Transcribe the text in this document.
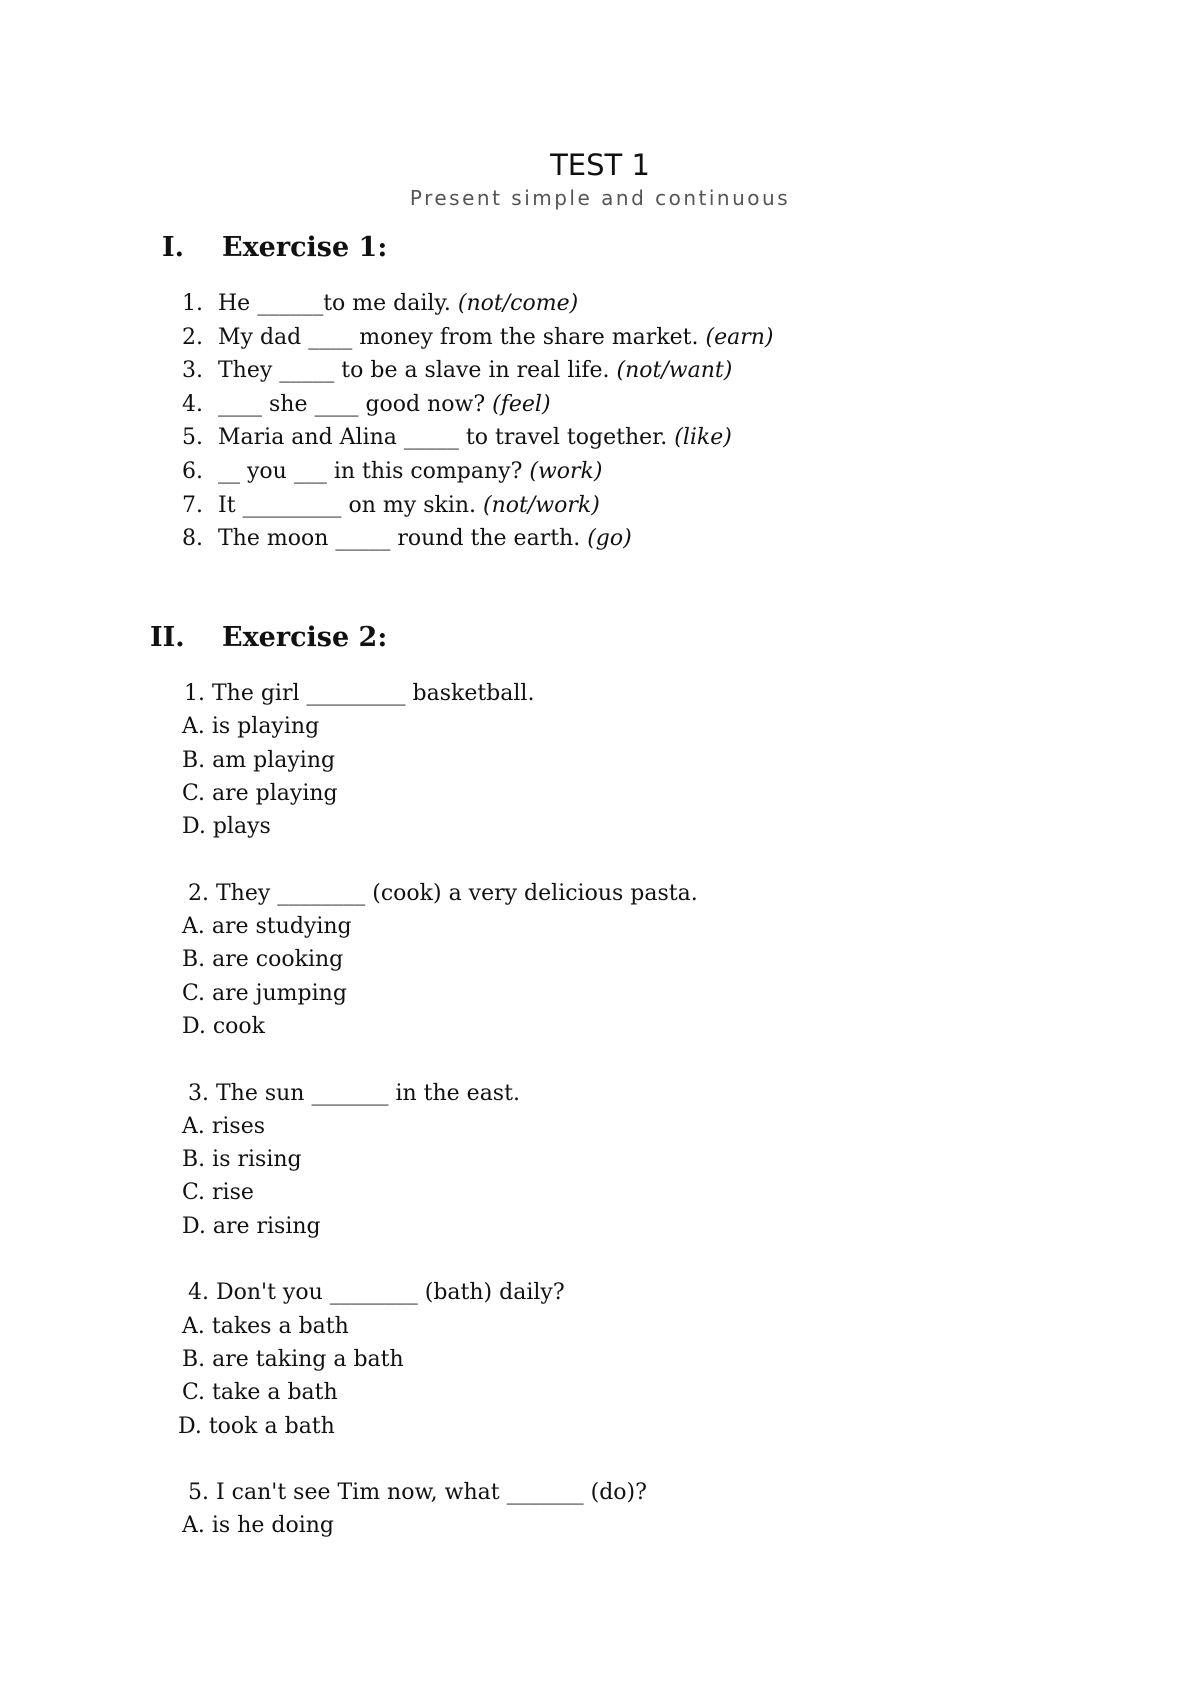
TEST 1
Present simple and continuous
I. Exercise 1:
1. He ______to me daily. (not/come)
2. My dad ____ money from the share market. (earn)
3. They _____ to be a slave in real life. (not/want)
4. ____ she ____ good now? (feel)
5. Maria and Alina _____ to travel together. (like)
6. __ you ___ in this company? (work)
7. It _________ on my skin. (not/work)
8. The moon _____ round the earth. (go)
II. Exercise 2:
1. The girl _________ basketball.
A. is playing
B. am playing
C. are playing
D. plays
2. They ________ (cook) a very delicious pasta.
A. are studying
B. are cooking
C. are jumping
D. cook
3. The sun _______ in the east.
A. rises
B. is rising
C. rise
D. are rising
4. Don't you ________ (bath) daily?
A. takes a bath
B. are taking a bath
C. take a bath
D. took a bath
5. I can't see Tim now, what _______ (do)?
A. is he doing
